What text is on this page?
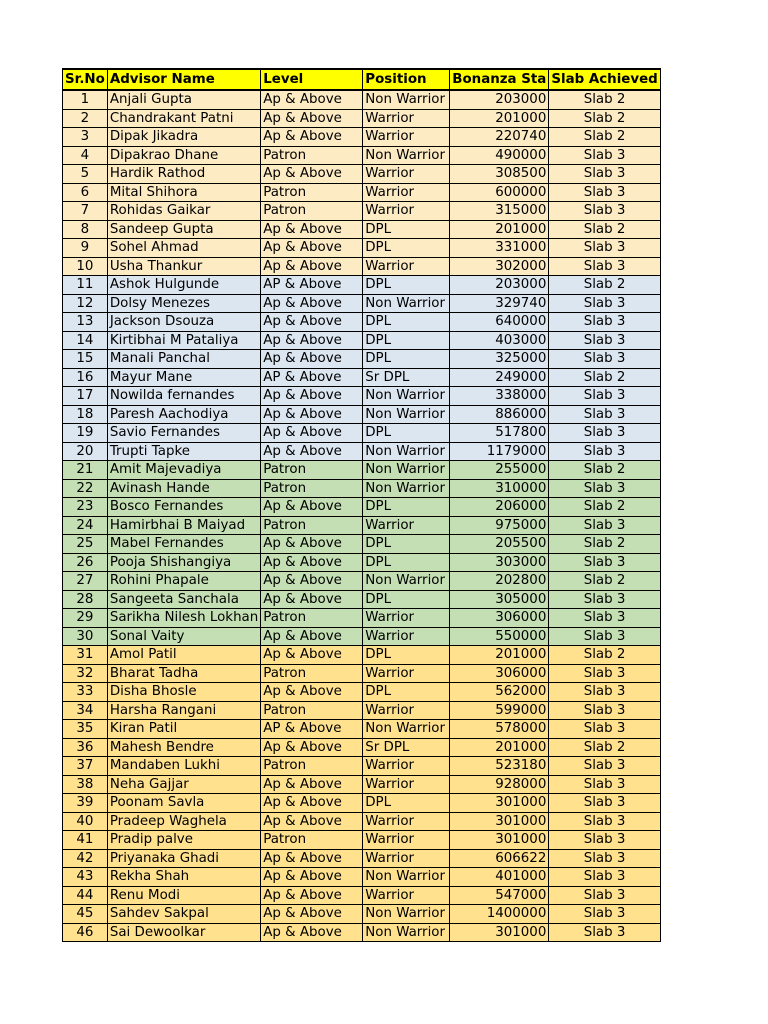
Sr.No	Advisor Name	Level	Position	Bonanza Sta	Slab Achieved
1	Anjali Gupta	Ap & Above	Non Warrior	203000	Slab 2
2	Chandrakant Patni	Ap & Above	Warrior	201000	Slab 2
3	Dipak Jikadra	Ap & Above	Warrior	220740	Slab 2
4	Dipakrao Dhane	Patron	Non Warrior	490000	Slab 3
5	Hardik Rathod	Ap & Above	Warrior	308500	Slab 3
6	Mital Shihora	Patron	Warrior	600000	Slab 3
7	Rohidas Gaikar	Patron	Warrior	315000	Slab 3
8	Sandeep Gupta	Ap & Above	DPL	201000	Slab 2
9	Sohel Ahmad	Ap & Above	DPL	331000	Slab 3
10	Usha Thankur	Ap & Above	Warrior	302000	Slab 3
11	Ashok Hulgunde	AP & Above	DPL	203000	Slab 2
12	Dolsy Menezes	Ap & Above	Non Warrior	329740	Slab 3
13	Jackson Dsouza	Ap & Above	DPL	640000	Slab 3
14	Kirtibhai M Pataliya	Ap & Above	DPL	403000	Slab 3
15	Manali Panchal	Ap & Above	DPL	325000	Slab 3
16	Mayur Mane	AP & Above	Sr DPL	249000	Slab 2
17	Nowilda fernandes	Ap & Above	Non Warrior	338000	Slab 3
18	Paresh Aachodiya	Ap & Above	Non Warrior	886000	Slab 3
19	Savio Fernandes	Ap & Above	DPL	517800	Slab 3
20	Trupti Tapke	Ap & Above	Non Warrior	1179000	Slab 3
21	Amit Majevadiya	Patron	Non Warrior	255000	Slab 2
22	Avinash Hande	Patron	Non Warrior	310000	Slab 3
23	Bosco Fernandes	Ap & Above	DPL	206000	Slab 2
24	Hamirbhai B Maiyad	Patron	Warrior	975000	Slab 3
25	Mabel Fernandes	Ap & Above	DPL	205500	Slab 2
26	Pooja Shishangiya	Ap & Above	DPL	303000	Slab 3
27	Rohini Phapale	Ap & Above	Non Warrior	202800	Slab 2
28	Sangeeta Sanchala	Ap & Above	DPL	305000	Slab 3
29	Sarikha Nilesh Lokhan	Patron	Warrior	306000	Slab 3
30	Sonal Vaity	Ap & Above	Warrior	550000	Slab 3
31	Amol Patil	Ap & Above	DPL	201000	Slab 2
32	Bharat Tadha	Patron	Warrior	306000	Slab 3
33	Disha Bhosle	Ap & Above	DPL	562000	Slab 3
34	Harsha Rangani	Patron	Warrior	599000	Slab 3
35	Kiran Patil	AP & Above	Non Warrior	578000	Slab 3
36	Mahesh Bendre	Ap & Above	Sr DPL	201000	Slab 2
37	Mandaben Lukhi	Patron	Warrior	523180	Slab 3
38	Neha Gajjar	Ap & Above	Warrior	928000	Slab 3
39	Poonam Savla	Ap & Above	DPL	301000	Slab 3
40	Pradeep Waghela	Ap & Above	Warrior	301000	Slab 3
41	Pradip palve	Patron	Warrior	301000	Slab 3
42	Priyanaka Ghadi	Ap & Above	Warrior	606622	Slab 3
43	Rekha Shah	Ap & Above	Non Warrior	401000	Slab 3
44	Renu Modi	Ap & Above	Warrior	547000	Slab 3
45	Sahdev Sakpal	Ap & Above	Non Warrior	1400000	Slab 3
46	Sai Dewoolkar	Ap & Above	Non Warrior	301000	Slab 3
